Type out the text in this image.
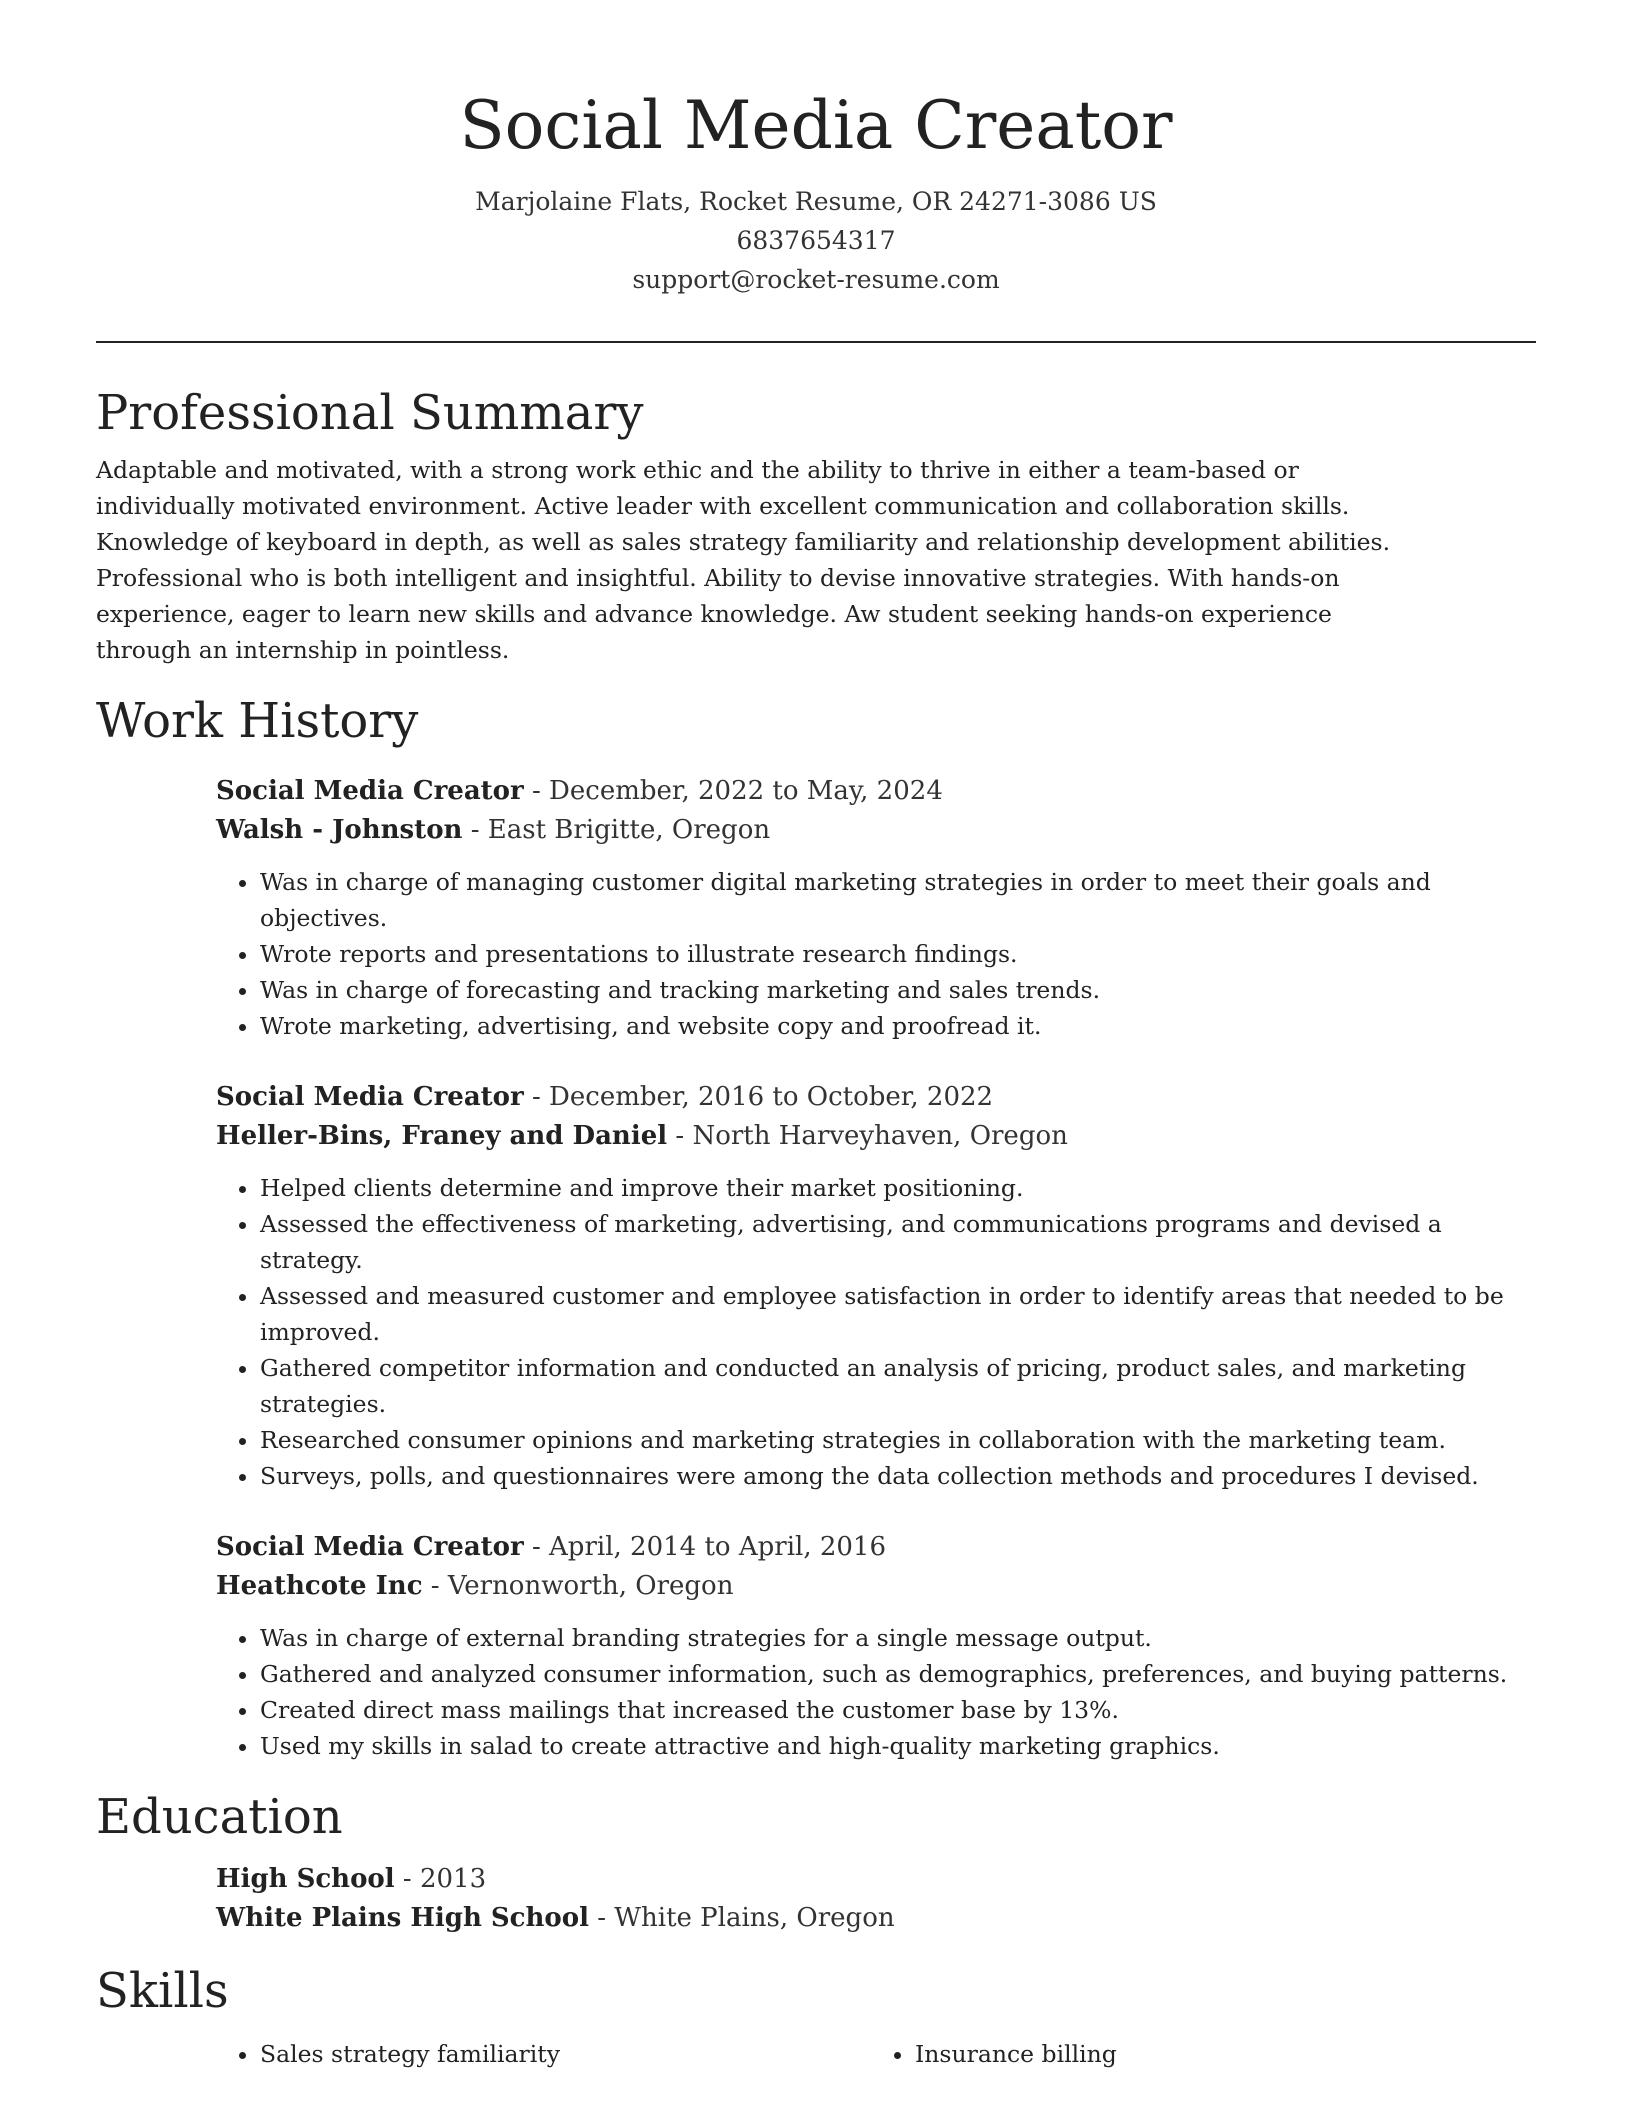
Social Media Creator
Marjolaine Flats, Rocket Resume, OR 24271-3086 US
6837654317
support@rocket-resume.com
Professional Summary

Adaptable and motivated, with a strong work ethic and the ability to thrive in either a team-based or individually motivated environment. Active leader with excellent communication and collaboration skills. Knowledge of keyboard in depth, as well as sales strategy familiarity and relationship development abilities. Professional who is both intelligent and insightful. Ability to devise innovative strategies. With hands-on experience, eager to learn new skills and advance knowledge. Aw student seeking hands-on experience through an internship in pointless.

Work History
Social Media Creator - December, 2022 to May, 2024
Walsh - Johnston - East Brigitte, Oregon
• Was in charge of managing customer digital marketing strategies in order to meet their goals and objectives.
• Wrote reports and presentations to illustrate research findings.
• Was in charge of forecasting and tracking marketing and sales trends.
• Wrote marketing, advertising, and website copy and proofread it.
Social Media Creator - December, 2016 to October, 2022
Heller-Bins, Franey and Daniel - North Harveyhaven, Oregon
• Helped clients determine and improve their market positioning.
• Assessed the effectiveness of marketing, advertising, and communications programs and devised a strategy.
• Assessed and measured customer and employee satisfaction in order to identify areas that needed to be improved.
• Gathered competitor information and conducted an analysis of pricing, product sales, and marketing strategies.
• Researched consumer opinions and marketing strategies in collaboration with the marketing team.
• Surveys, polls, and questionnaires were among the data collection methods and procedures I devised.
Social Media Creator - April, 2014 to April, 2016
Heathcote Inc - Vernonworth, Oregon
• Was in charge of external branding strategies for a single message output.
• Gathered and analyzed consumer information, such as demographics, preferences, and buying patterns.
• Created direct mass mailings that increased the customer base by 13%.
• Used my skills in salad to create attractive and high-quality marketing graphics.
Education
High School - 2013
White Plains High School - White Plains, Oregon
Skills
• Sales strategy familiarity
•	Insurance billing
